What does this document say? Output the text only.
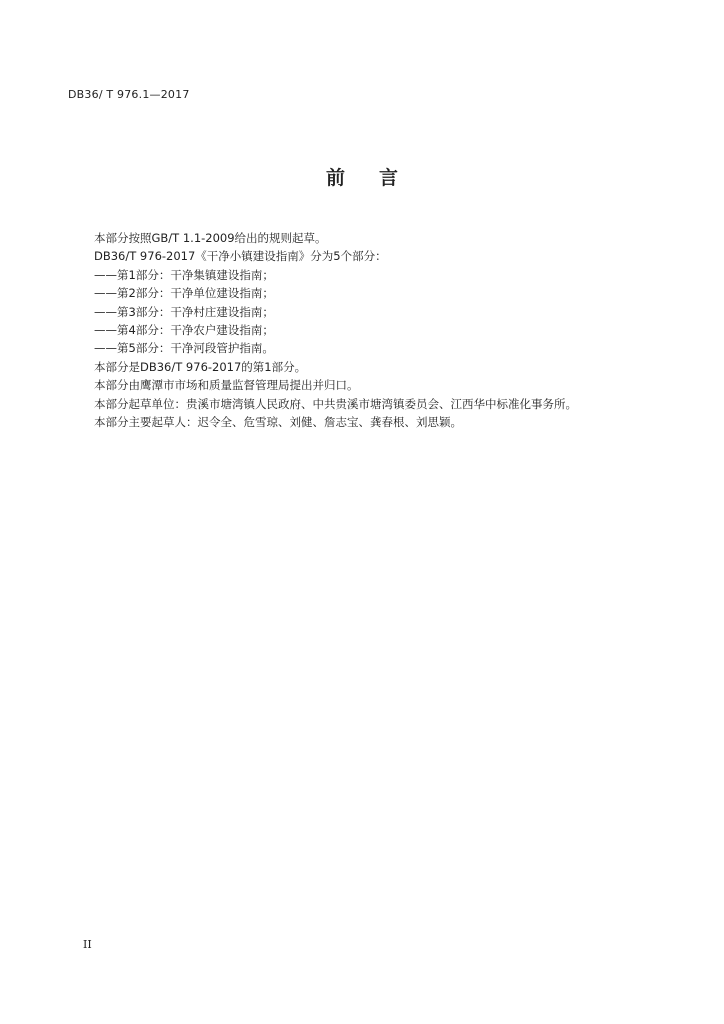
DB36/ T 976.1—2017
前 言
本部分按照GB/T 1.1-2009给出的规则起草。
DB36/T 976-2017《干净小镇建设指南》分为5个部分：
——第1部分：干净集镇建设指南；
——第2部分：干净单位建设指南；
——第3部分：干净村庄建设指南；
——第4部分：干净农户建设指南；
——第5部分：干净河段管护指南。
本部分是DB36/T 976-2017的第1部分。
本部分由鹰潭市市场和质量监督管理局提出并归口。
本部分起草单位：贵溪市塘湾镇人民政府、中共贵溪市塘湾镇委员会、江西华中标准化事务所。
本部分主要起草人：迟令全、危雪琼、刘健、詹志宝、龚春根、刘思颖。
II
